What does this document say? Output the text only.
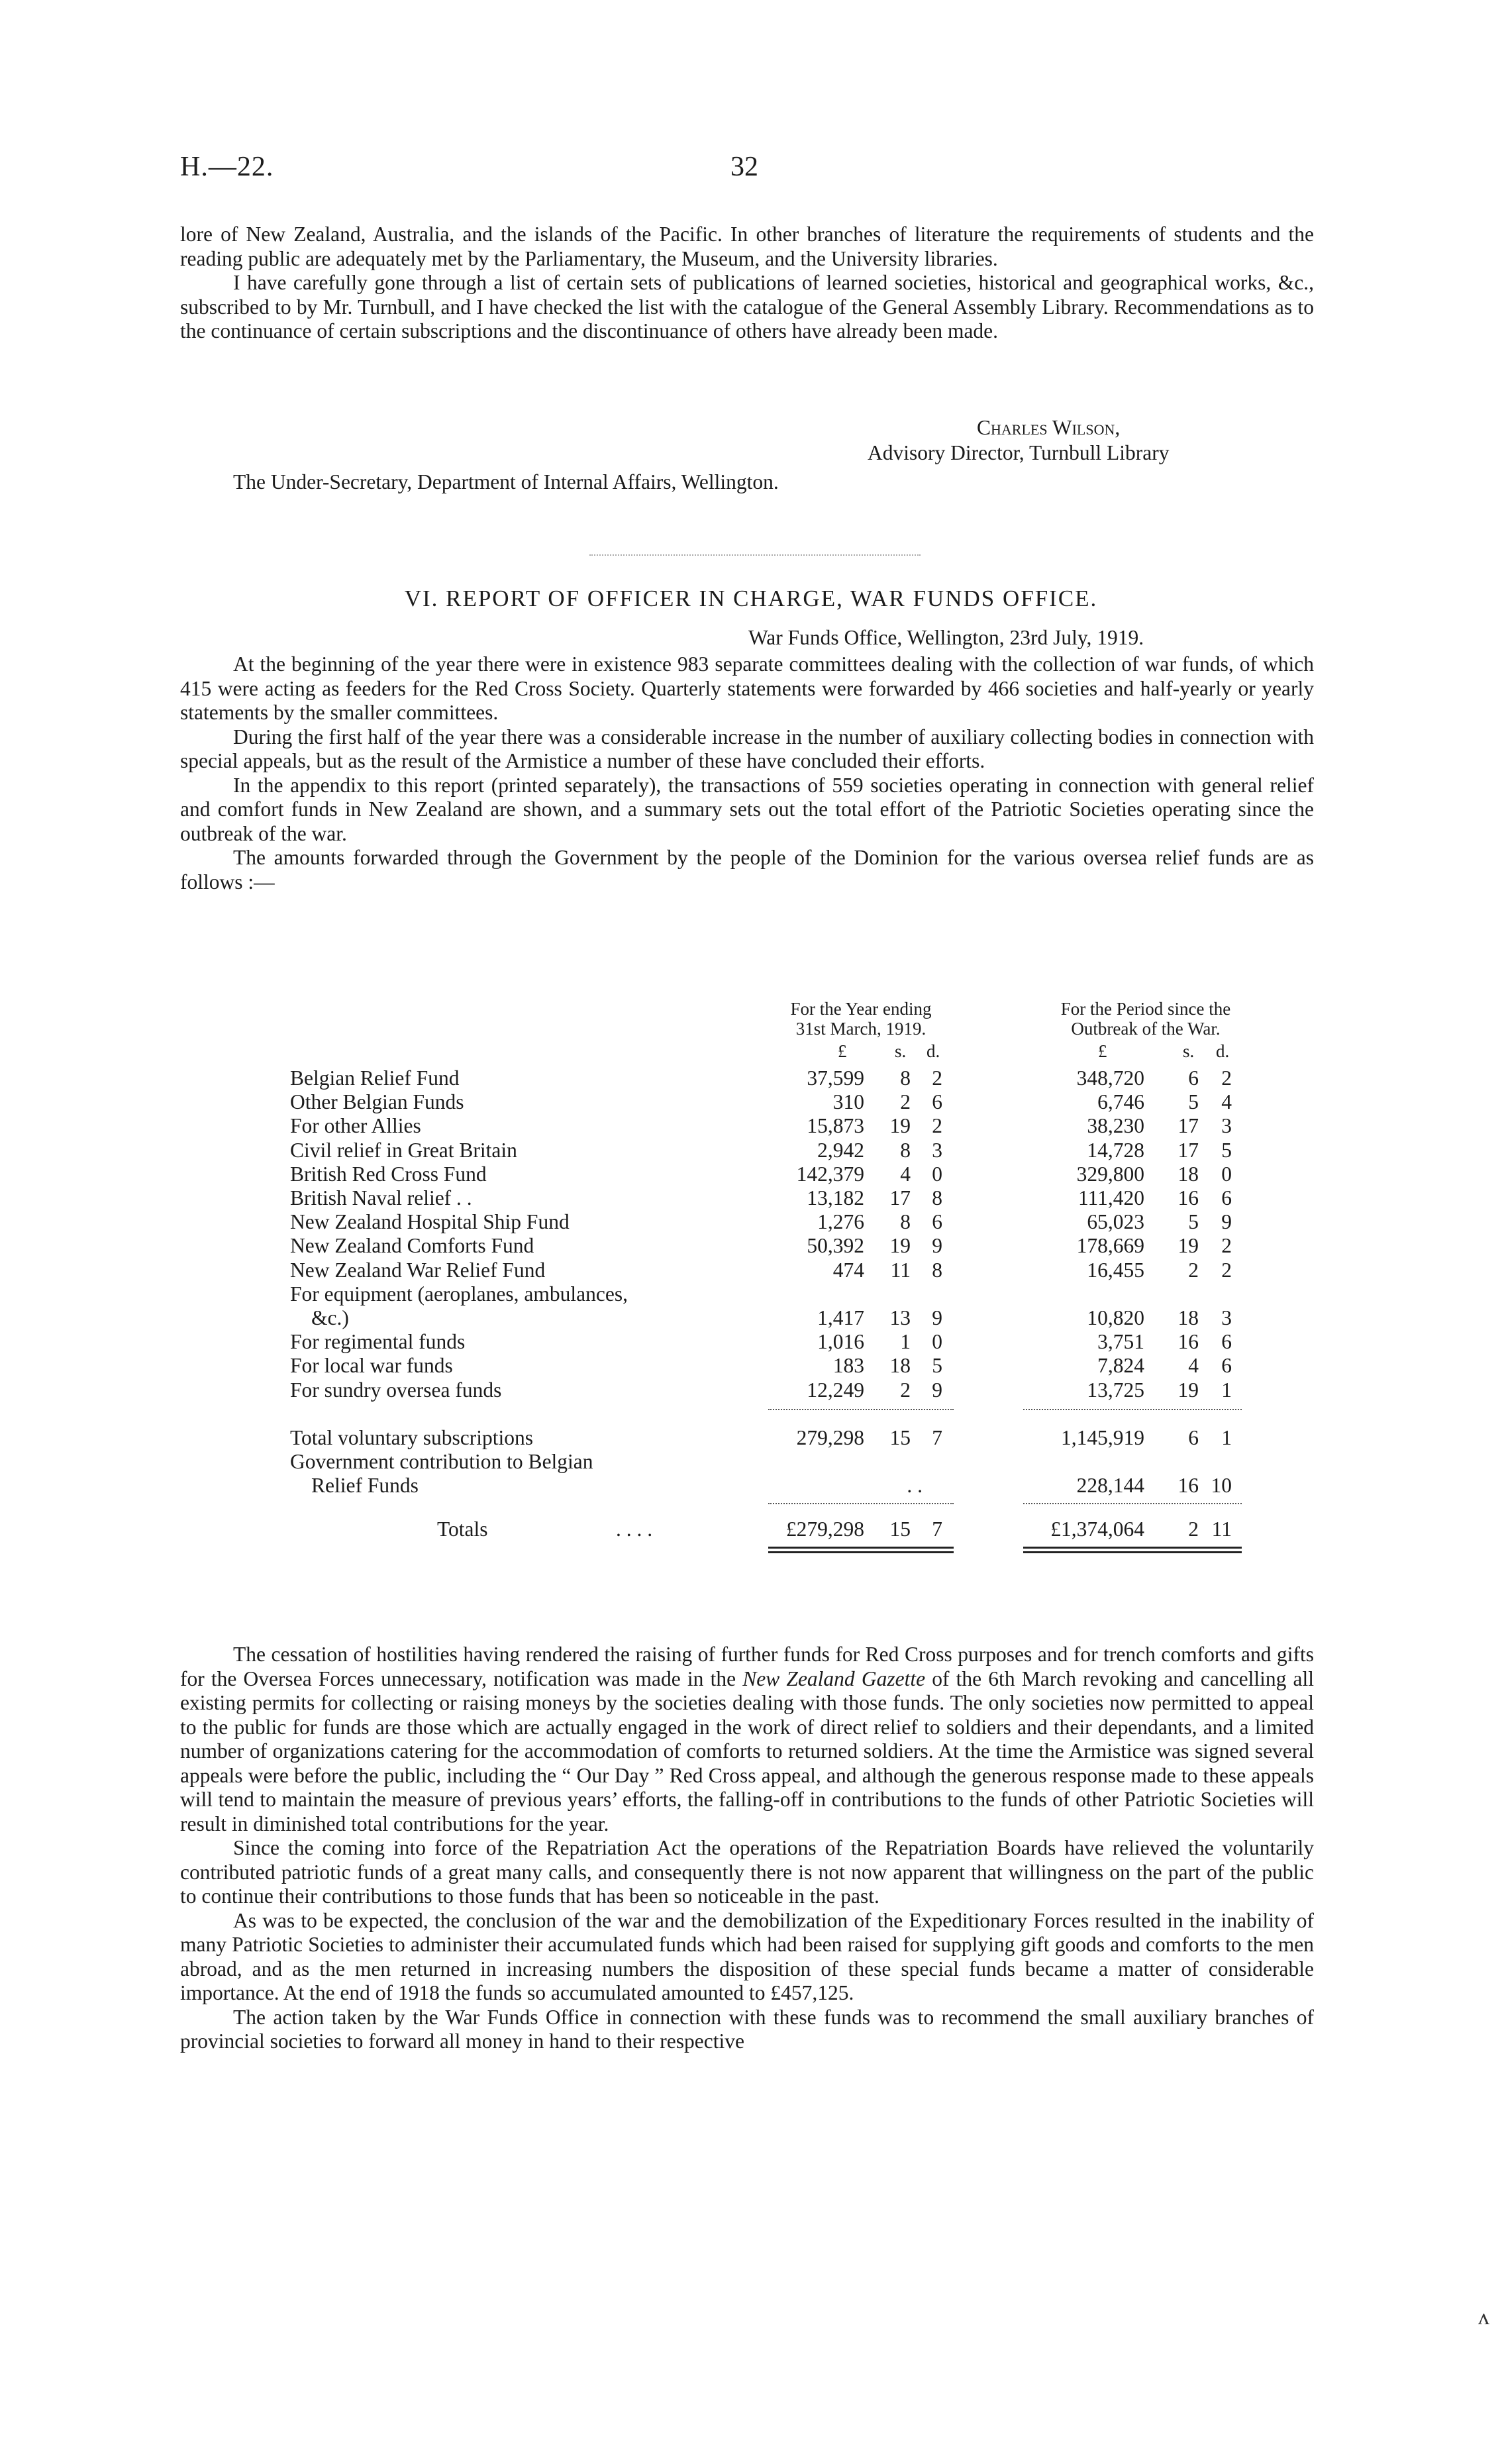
H.—22.	32

lore of New Zealand, Australia, and the islands of the Pacific. In other branches of literature the requirements of students and the reading public are adequately met by the Parliamentary, the Museum, and the University libraries.

I have carefully gone through a list of certain sets of publications of learned societies, historical and geographical works, &c., subscribed to by Mr. Turnbull, and I have checked the list with the catalogue of the General Assembly Library. Recommendations as to the continuance of certain subscriptions and the discontinuance of others have already been made.

Charles Wilson,
Advisory Director, Turnbull Library
The Under-Secretary, Department of Internal Affairs, Wellington.
VI. REPORT OF OFFICER IN CHARGE, WAR FUNDS OFFICE.
War Funds Office, Wellington, 23rd July, 1919.

At the beginning of the year there were in existence 983 separate committees dealing with the collection of war funds, of which 415 were acting as feeders for the Red Cross Society. Quarterly statements were forwarded by 466 societies and half-yearly or yearly statements by the smaller committees.

During the first half of the year there was a considerable increase in the number of auxiliary collecting bodies in connection with special appeals, but as the result of the Armistice a number of these have concluded their efforts.

In the appendix to this report (printed separately), the transactions of 559 societies operating in connection with general relief and comfort funds in New Zealand are shown, and a summary sets out the total effort of the Patriotic Societies operating since the outbreak of the war.

The amounts forwarded through the Government by the people of the Dominion for the various oversea relief funds are as follows :—

For the Year ending
31st March, 1919.
For the Period since the
Outbreak of the War.
£	s. d.	£	s. d.
Belgian Relief Fund	37,599 8 2	348,720 6 2
Other Belgian Funds	310 2 6	6,746 5 4
For other Allies	15,873 19 2	38,230 17 3
Civil relief in Great Britain	2,942 8 3	14,728 17 5
British Red Cross Fund	142,379 4 0	329,800 18 0
British Naval relief . .	13,182 17 8	111,420 16 6
New Zealand Hospital Ship Fund	1,276 8 6	65,023 5 9
New Zealand Comforts Fund	50,392 19 9	178,669 19 2
New Zealand War Relief Fund	474 11 8	16,455 2 2
For equipment (aeroplanes, ambulances,
&c.)	1,417 13 9	10,820 18 3
For regimental funds	1,016 1 0	3,751 16 6
For local war funds	183 18 5	7,824 4 6
For sundry oversea funds	12,249 2 9	13,725 19 1
Total voluntary subscriptions	279,298 15 7	1,145,919 6 1
Government contribution to Belgian
Relief Funds	. .	228,144 16 10
Totals	£279,298 15 7	£1,374,064 2 11
. . . .

The cessation of hostilities having rendered the raising of further funds for Red Cross purposes and for trench comforts and gifts for the Oversea Forces unnecessary, notification was made in the New Zealand Gazette of the 6th March revoking and cancelling all existing permits for collecting or raising moneys by the societies dealing with those funds. The only societies now permitted to appeal to the public for funds are those which are actually engaged in the work of direct relief to soldiers and their dependants, and a limited number of organizations catering for the accommodation of comforts to returned soldiers. At the time the Armistice was signed several appeals were before the public, including the “ Our Day ” Red Cross appeal, and although the generous response made to these appeals will tend to maintain the measure of previous years’ efforts, the falling-off in contributions to the funds of other Patriotic Societies will result in diminished total contributions for the year.

Since the coming into force of the Repatriation Act the operations of the Repatriation Boards have relieved the voluntarily contributed patriotic funds of a great many calls, and consequently there is not now apparent that willingness on the part of the public to continue their contributions to those funds that has been so noticeable in the past.

As was to be expected, the conclusion of the war and the demobilization of the Expeditionary Forces resulted in the inability of many Patriotic Societies to administer their accumulated funds which had been raised for supplying gift goods and comforts to the men abroad, and as the men returned in increasing numbers the disposition of these special funds became a matter of considerable importance. At the end of 1918 the funds so accumulated amounted to £457,125.

The action taken by the War Funds Office in connection with these funds was to recommend the small auxiliary branches of provincial societies to forward all money in hand to their respective

ʌ
